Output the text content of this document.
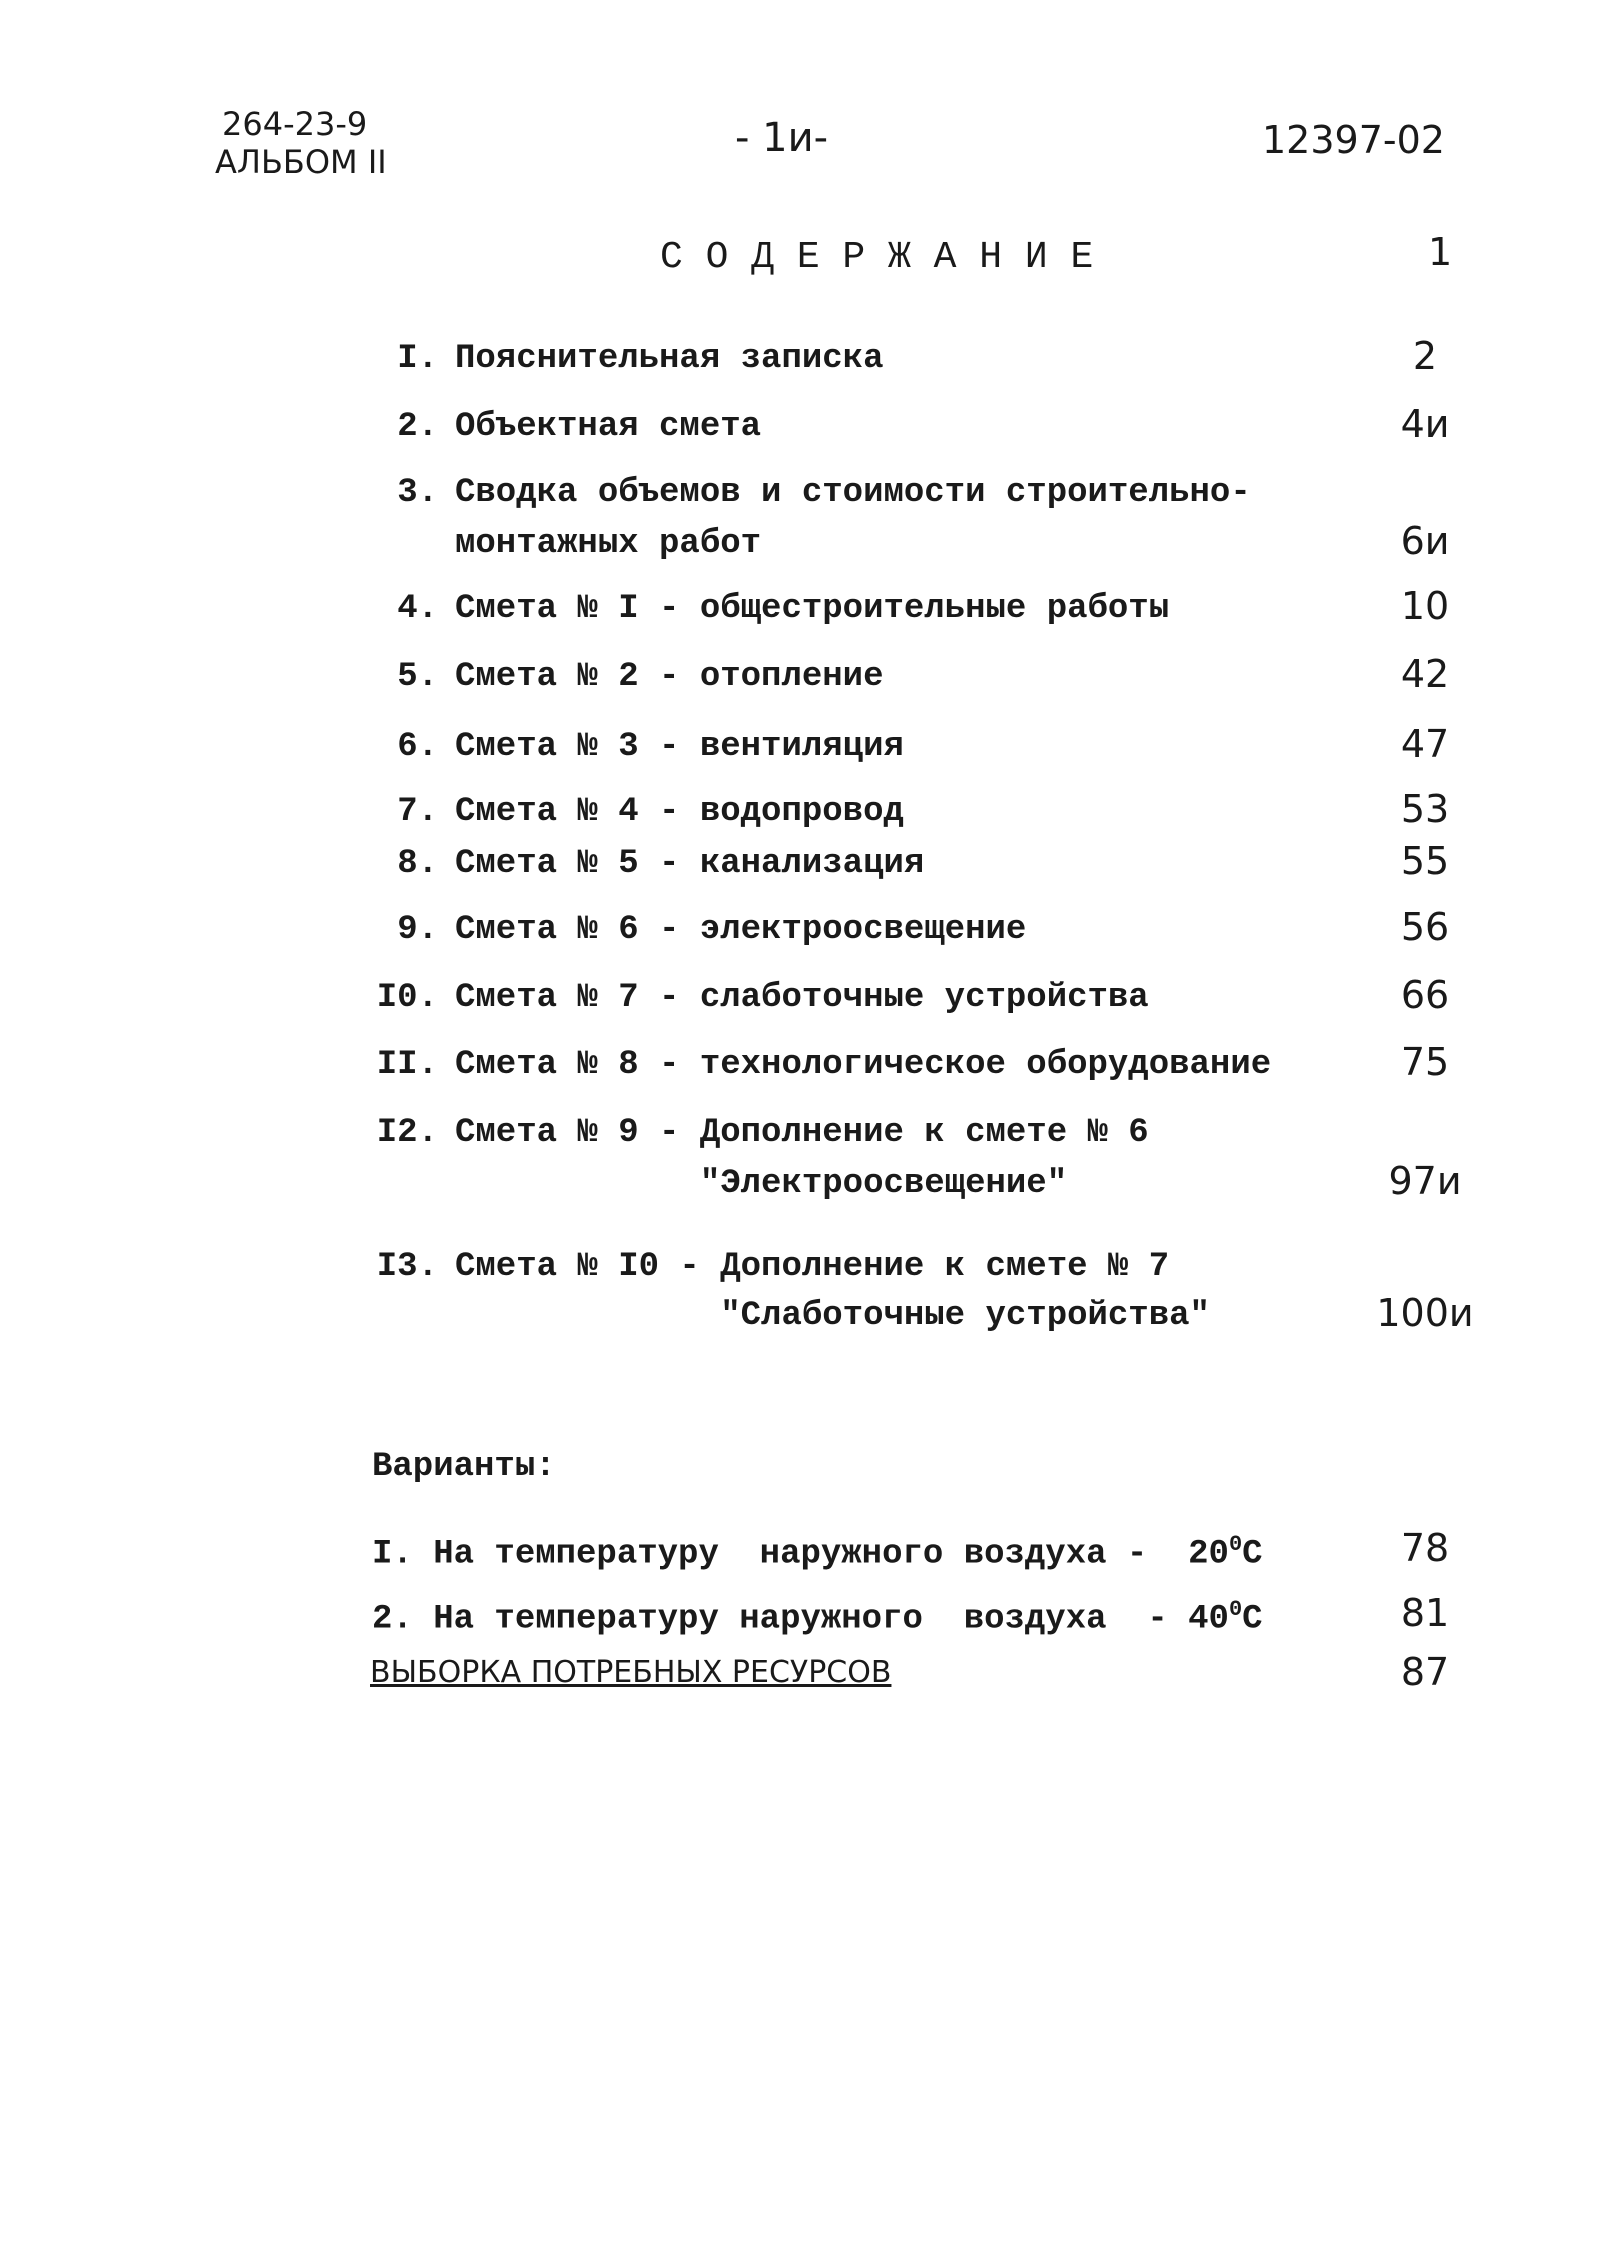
264-23-9
АЛЬБОМ II
- 1и-	12397-02
С О Д Е Р Ж А Н И Е	1
I. Пояснительная записка	2
2. Объектная смета	4и
3. Сводка объемов и стоимости строительно-
монтажных работ	6и
4. Смета № I - общестроительные работы	10
5. Смета № 2 - отопление	42
6. Смета № 3 - вентиляция	47
7. Смета № 4 - водопровод	53
8. Смета № 5 - канализация	55
9. Смета № 6 - электроосвещение	56
I0. Смета № 7 - слаботочные устройства	66
II. Смета № 8 - технологическое оборудование	75
I2. Смета № 9 - Дополнение к смете № 6
"Электроосвещение"	97и
I3. Смета № I0 - Дополнение к смете № 7
"Слаботочные устройства"	100и
Варианты:
I. На температуру  наружного воздуха -  $20^0С$	78
2. На температуру наружного  воздуха  - $40^0С$	81
ВЫБОРКА ПОТРЕБНЫХ РЕСУРСОВ	87
